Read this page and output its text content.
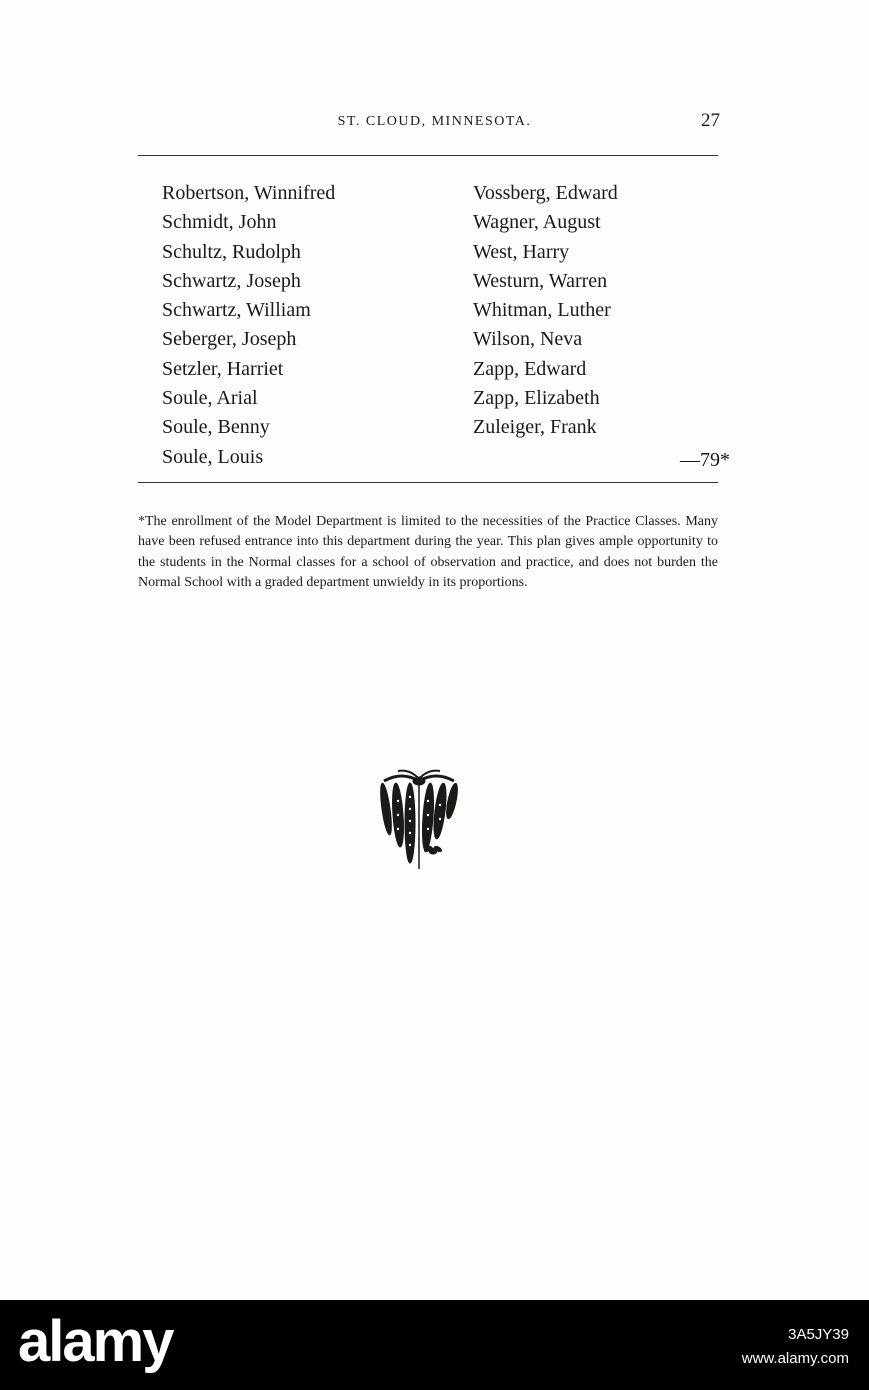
ST. CLOUD, MINNESOTA.	27
Robertson, Winnifred
Schmidt, John
Schultz, Rudolph
Schwartz, Joseph
Schwartz, William
Seberger, Joseph
Setzler, Harriet
Soule, Arial
Soule, Benny
Soule, Louis
Vossberg, Edward
Wagner, August
West, Harry
Westurn, Warren
Whitman, Luther
Wilson, Neva
Zapp, Edward
Zapp, Elizabeth
Zuleiger, Frank
—79*

*The enrollment of the Model Department is limited to the necessities of the Practice Classes. Many have been refused entrance into this department during the year. This plan gives ample opportunity to the students in the Normal classes for a school of observation and practice, and does not burden the Normal School with a graded department unwieldy in its proportions.

alamy	3A5JY39
www.alamy.com
